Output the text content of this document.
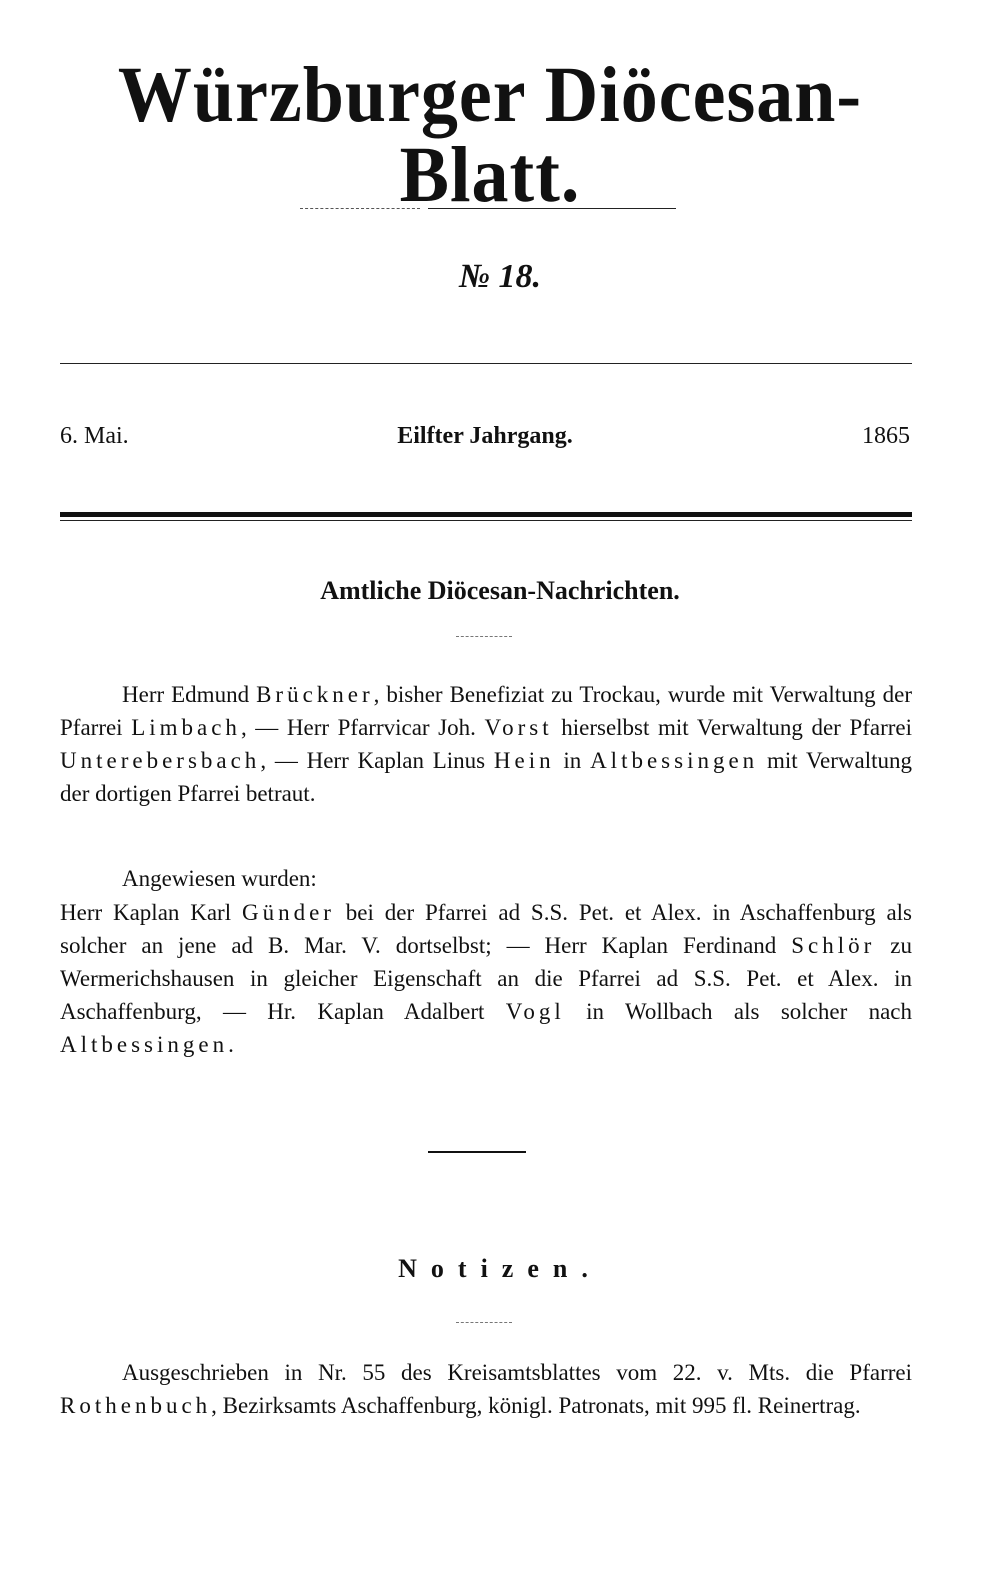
Würzburger Diöcesan-Blatt.
№ 18.
6. Mai.	Eilfter Jahrgang.	1865
Amtliche Diöcesan-Nachrichten.

Herr Edmund Brückner, bisher Benefiziat zu Trockau, wurde mit Verwaltung der Pfarrei Limbach, — Herr Pfarrvicar Joh. Vorst hierselbst mit Verwaltung der Pfarrei Unterebersbach, — Herr Kaplan Linus Hein in Altbessingen mit Verwaltung der dortigen Pfarrei betraut.

Angewiesen wurden:

Herr Kaplan Karl Günder bei der Pfarrei ad S.S. Pet. et Alex. in Aschaffenburg als solcher an jene ad B. Mar. V. dortselbst; — Herr Kaplan Ferdinand Schlör zu Wermerichshausen in gleicher Eigenschaft an die Pfarrei ad S.S. Pet. et Alex. in Aschaffenburg, — Hr. Kaplan Adalbert Vogl in Wollbach als solcher nach Altbessingen.

Notizen.

Ausgeschrieben in Nr. 55 des Kreisamtsblattes vom 22. v. Mts. die Pfarrei Rothenbuch, Bezirksamts Aschaffenburg, königl. Patronats, mit 995 fl. Reinertrag.
